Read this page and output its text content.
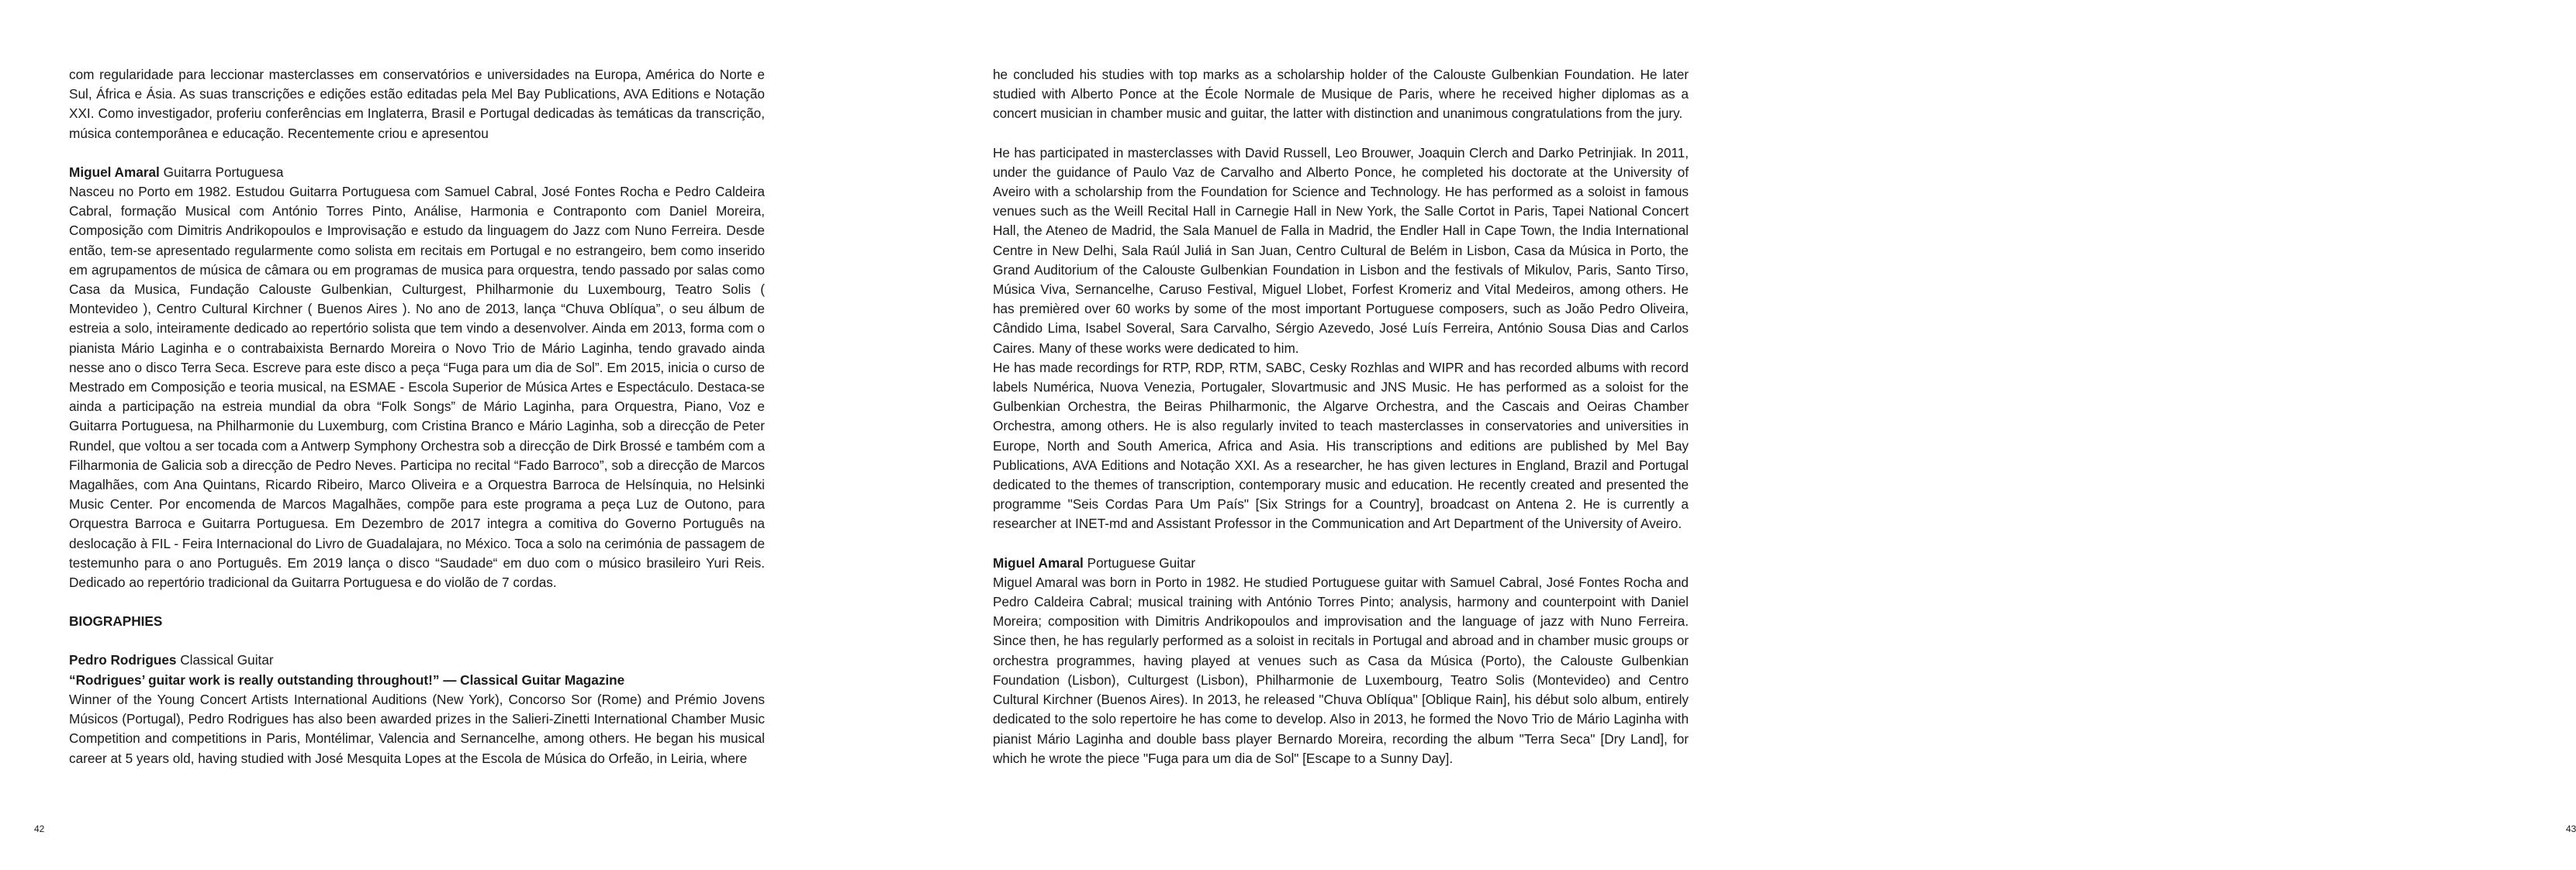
com regularidade para leccionar masterclasses em conservatórios e universidades na Europa, América do Norte e Sul, África e Ásia. As suas transcrições e edições estão editadas pela Mel Bay Publications, AVA Editions e Notação XXI. Como investigador, proferiu conferências em Inglaterra, Brasil e Portugal dedicadas às temáticas da transcrição, música contemporânea e educação. Recentemente criou e apresentou

Miguel Amaral Guitarra Portuguesa

Nasceu no Porto em 1982. Estudou Guitarra Portuguesa com Samuel Cabral, José Fontes Rocha e Pedro Caldeira Cabral, formação Musical com António Torres Pinto, Análise, Harmonia e Contraponto com Daniel Moreira, Composição com Dimitris Andrikopoulos e Improvisação e estudo da linguagem do Jazz com Nuno Ferreira. Desde então, tem-se apresentado regularmente como solista em recitais em Portugal e no estrangeiro, bem como inserido em agrupamentos de música de câmara ou em programas de musica para orquestra, tendo passado por salas como Casa da Musica, Fundação Calouste Gulbenkian, Culturgest, Philharmonie du Luxembourg, Teatro Solis ( Montevideo ), Centro Cultural Kirchner ( Buenos Aires ). No ano de 2013, lança “Chuva Oblíqua”, o seu álbum de estreia a solo, inteiramente dedicado ao repertório solista que tem vindo a desenvolver. Ainda em 2013, forma com o pianista Mário Laginha e o contrabaixista Bernardo Moreira o Novo Trio de Mário Laginha, tendo gravado ainda nesse ano o disco Terra Seca. Escreve para este disco a peça “Fuga para um dia de Sol”. Em 2015, inicia o curso de Mestrado em Composição e teoria musical, na ESMAE - Escola Superior de Música Artes e Espectáculo. Destaca-se ainda a participação na estreia mundial da obra “Folk Songs” de Mário Laginha, para Orquestra, Piano, Voz e Guitarra Portuguesa, na Philharmonie du Luxemburg, com Cristina Branco e Mário Laginha, sob a direcção de Peter Rundel, que voltou a ser tocada com a Antwerp Symphony Orchestra sob a direcção de Dirk Brossé e também com a Filharmonia de Galicia sob a direcção de Pedro Neves. Participa no recital “Fado Barroco”, sob a direcção de Marcos Magalhães, com Ana Quintans, Ricardo Ribeiro, Marco Oliveira e a Orquestra Barroca de Helsínquia, no Helsinki Music Center. Por encomenda de Marcos Magalhães, compõe para este programa a peça Luz de Outono, para Orquestra Barroca e Guitarra Portuguesa. Em Dezembro de 2017 integra a comitiva do Governo Português na deslocação à FIL - Feira Internacional do Livro de Guadalajara, no México. Toca a solo na cerimónia de passagem de testemunho para o ano Português. Em 2019 lança o disco “Saudade“ em duo com o músico brasileiro Yuri Reis. Dedicado ao repertório tradicional da Guitarra Portuguesa e do violão de 7 cordas.

BIOGRAPHIES

Pedro Rodrigues Classical Guitar

“Rodrigues’ guitar work is really outstanding throughout!” — Classical Guitar Magazine

Winner of the Young Concert Artists International Auditions (New York), Concorso Sor (Rome) and Prémio Jovens Músicos (Portugal), Pedro Rodrigues has also been awarded prizes in the Salieri-Zinetti International Chamber Music Competition and competitions in Paris, Montélimar, Valencia and Sernancelhe, among others. He began his musical career at 5 years old, having studied with José Mesquita Lopes at the Escola de Música do Orfeão, in Leiria, where

42

he concluded his studies with top marks as a scholarship holder of the Calouste Gulbenkian Foundation. He later studied with Alberto Ponce at the École Normale de Musique de Paris, where he received higher diplomas as a concert musician in chamber music and guitar, the latter with distinction and unanimous congratulations from the jury.

He has participated in masterclasses with David Russell, Leo Brouwer, Joaquin Clerch and Darko Petrinjiak. In 2011, under the guidance of Paulo Vaz de Carvalho and Alberto Ponce, he completed his doctorate at the University of Aveiro with a scholarship from the Foundation for Science and Technology. He has performed as a soloist in famous venues such as the Weill Recital Hall in Carnegie Hall in New York, the Salle Cortot in Paris, Tapei National Concert Hall, the Ateneo de Madrid, the Sala Manuel de Falla in Madrid, the Endler Hall in Cape Town, the India International Centre in New Delhi, Sala Raúl Juliá in San Juan, Centro Cultural de Belém in Lisbon, Casa da Música in Porto, the Grand Auditorium of the Calouste Gulbenkian Foundation in Lisbon and the festivals of Mikulov, Paris, Santo Tirso, Música Viva, Sernancelhe, Caruso Festival, Miguel Llobet, Forfest Kromeriz and Vital Medeiros, among others. He has premièred over 60 works by some of the most important Portuguese composers, such as João Pedro Oliveira, Cândido Lima, Isabel Soveral, Sara Carvalho, Sérgio Azevedo, José Luís Ferreira, António Sousa Dias and Carlos Caires. Many of these works were dedicated to him.

He has made recordings for RTP, RDP, RTM, SABC, Cesky Rozhlas and WIPR and has recorded albums with record labels Numérica, Nuova Venezia, Portugaler, Slovartmusic and JNS Music. He has performed as a soloist for the Gulbenkian Orchestra, the Beiras Philharmonic, the Algarve Orchestra, and the Cascais and Oeiras Chamber Orchestra, among others. He is also regularly invited to teach masterclasses in conservatories and universities in Europe, North and South America, Africa and Asia. His transcriptions and editions are published by Mel Bay Publications, AVA Editions and Notação XXI. As a researcher, he has given lectures in England, Brazil and Portugal dedicated to the themes of transcription, contemporary music and education. He recently created and presented the programme "Seis Cordas Para Um País" [Six Strings for a Country], broadcast on Antena 2. He is currently a researcher at INET-md and Assistant Professor in the Communication and Art Department of the University of Aveiro.

Miguel Amaral Portuguese Guitar

Miguel Amaral was born in Porto in 1982. He studied Portuguese guitar with Samuel Cabral, José Fontes Rocha and Pedro Caldeira Cabral; musical training with António Torres Pinto; analysis, harmony and counterpoint with Daniel Moreira; composition with Dimitris Andrikopoulos and improvisation and the language of jazz with Nuno Ferreira. Since then, he has regularly performed as a soloist in recitals in Portugal and abroad and in chamber music groups or orchestra programmes, having played at venues such as Casa da Música (Porto), the Calouste Gulbenkian Foundation (Lisbon), Culturgest (Lisbon), Philharmonie de Luxembourg, Teatro Solis (Montevideo) and Centro Cultural Kirchner (Buenos Aires). In 2013, he released "Chuva Oblíqua" [Oblique Rain], his début solo album, entirely dedicated to the solo repertoire he has come to develop. Also in 2013, he formed the Novo Trio de Mário Laginha with pianist Mário Laginha and double bass player Bernardo Moreira, recording the album "Terra Seca" [Dry Land], for which he wrote the piece "Fuga para um dia de Sol" [Escape to a Sunny Day].

43
